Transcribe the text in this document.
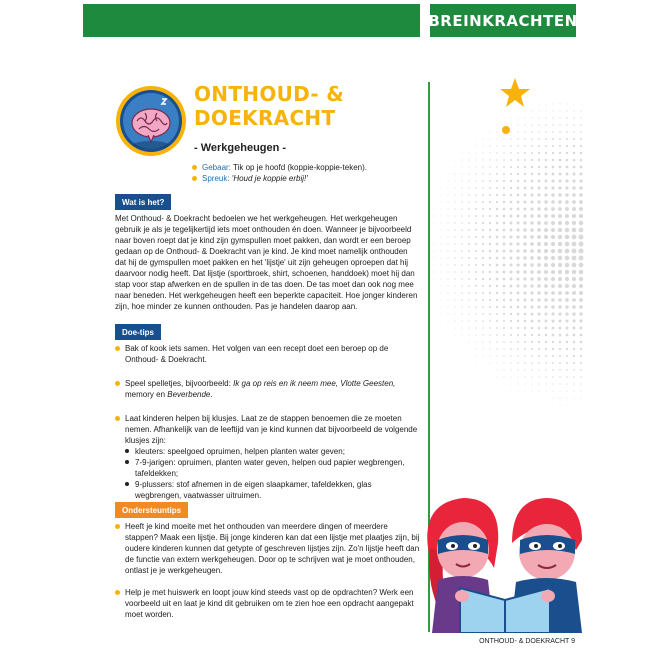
BREINKRACHTEN
ONTHOUD- &
DOEKRACHT
- Werkgeheugen -
Gebaar: Tik op je hoofd (koppie-koppie-teken).
Spreuk: 'Houd je koppie erbij!'
Wat is het?
Met Onthoud- & Doekracht bedoelen we het werkgeheugen. Het werkgeheugen gebruik je als je tegelijkertijd iets moet onthouden én doen. Wanneer je bijvoorbeeld naar boven roept dat je kind zijn gymspullen moet pakken, dan wordt er een beroep gedaan op de Onthoud- & Doekracht van je kind. Je kind moet namelijk onthouden dat hij de gymspullen moet pakken en het 'lijstje' uit zijn geheugen oproepen dat hij daarvoor nodig heeft. Dat lijstje (sportbroek, shirt, schoenen, handdoek) moet hij dan stap voor stap afwerken en de spullen in de tas doen. De tas moet dan ook nog mee naar beneden. Het werkgeheugen heeft een beperkte capaciteit. Hoe jonger kinderen zijn, hoe minder ze kunnen onthouden. Pas je handelen daarop aan.
Doe-tips
Bak of kook iets samen. Het volgen van een recept doet een beroep op de Onthoud- & Doekracht.
Speel spelletjes, bijvoorbeeld: Ik ga op reis en ik neem mee, Vlotte Geesten, memory en Beverbende.
Laat kinderen helpen bij klusjes. Laat ze de stappen benoemen die ze moeten nemen. Afhankelijk van de leeftijd van je kind kunnen dat bijvoorbeeld de volgende klusjes zijn:
kleuters: speelgoed opruimen, helpen planten water geven;
7-9-jarigen: opruimen, planten water geven, helpen oud papier wegbrengen, tafeldekken;
9-plussers: stof afnemen in de eigen slaapkamer, tafeldekken, glas wegbrengen, vaatwasser uitruimen.
Ondersteuntips
Heeft je kind moeite met het onthouden van meerdere dingen of meerdere stappen? Maak een lijstje. Bij jonge kinderen kan dat een lijstje met plaatjes zijn, bij oudere kinderen kunnen dat getypte of geschreven lijstjes zijn. Zo'n lijstje heeft dan de functie van extern werkgeheugen. Door op te schrijven wat je moet onthouden, ontlast je je werkgeheugen.
Help je met huiswerk en loopt jouw kind steeds vast op de opdrachten? Werk een voorbeeld uit en laat je kind dit gebruiken om te zien hoe een opdracht aangepakt moet worden.
ONTHOUD- & DOEKRACHT 9
